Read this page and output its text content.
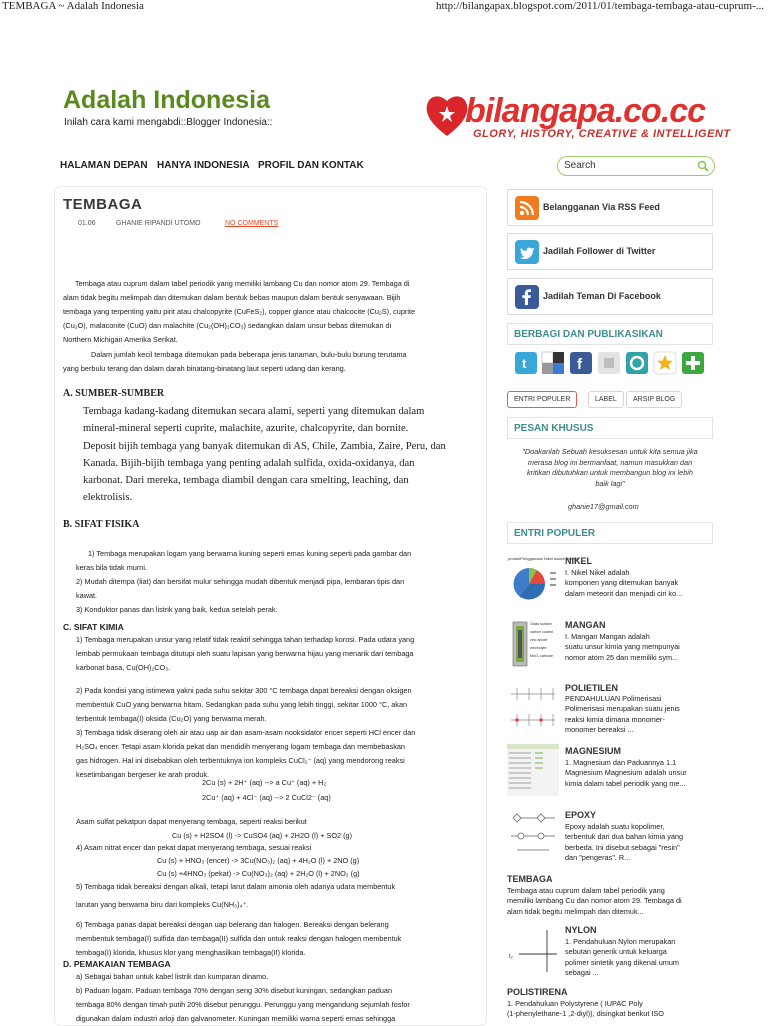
TEMBAGA ~ Adalah Indonesia	http://bilangapax.blogspot.com/2011/01/tembaga-tembaga-atau-cuprum-...
Adalah Indonesia
Inilah cara kami mengabdi::Blogger Indonesia::	bilangapa.co.cc
GLORY, HISTORY, CREATIVE & INTELLIGENT
HALAMAN DEPAN HANYA INDONESIA PROFIL DAN KONTAK	Search
TEMBAGA
01.06	GHANIE RIPANDI UTOMO	NO COMMENTS
Tembaga atau cuprum dalam tabel periodik yang memiliki lambang Cu dan nomor atom 29. Tembaga di
alam tidak begitu melimpah dan ditemukan dalam bentuk bebas maupun dalam bentuk senyawaan. Bijih
tembaga yang terpenting yaitu pirit atau chalcopyrite (CuFeS₂), copper glance atau chalcocite (Cu₂S), cuprite
(Cu₂O), malaconite (CuO) dan malachite (Cu₂(OH)₂CO₃) sedangkan dalam unsur bebas ditemukan di
Northern Michigan Amerika Serikat.
Dalam jumlah kecil tembaga ditemukan pada beberapa jenis tanaman, bulu-bulu burung terutama
yang berbulu terang dan dalam darah binatang-binatang laut seperti udang dan kerang.
A. SUMBER-SUMBER
Tembaga kadang-kadang ditemukan secara alami, seperti yang ditemukan dalam
mineral-mineral seperti cuprite, malachite, azurite, chalcopyrite, dan bornite.
Deposit bijih tembaga yang banyak ditemukan di AS, Chile, Zambia, Zaire, Peru, dan
Kanada. Bijih-bijih tembaga yang penting adalah sulfida, oxida-oxidanya, dan
karbonat. Dari mereka, tembaga diambil dengan cara smelting, leaching, dan
elektrolisis.
B. SIFAT FISIKA
1) Tembaga merupakan logam yang berwarna kuning seperti emas kuning seperti pada gambar dan
keras bila tidak murni.
2) Mudah ditempa (liat) dan bersifat mulur sehingga mudah dibentuk menjadi pipa, lembaran tipis dan
kawat.
3) Konduktor panas dan listrik yang baik, kedua setelah perak.
C. SIFAT KIMIA
1) Tembaga merupakan unsur yang relatif tidak reaktif sehingga tahan terhadap korosi. Pada udara yang
lembab permukaan tembaga ditutupi oleh suatu lapisan yang berwarna hijau yang menarik dari tembaga
karbonat basa, Cu(OH)₂CO₃.
2) Pada kondisi yang istimewa yakni pada suhu sekitar 300 °C tembaga dapat bereaksi dengan oksigen
membentuk CuO yang berwarna hitam. Sedangkan pada suhu yang lebih tinggi, sekitar 1000 °C, akan
terbentuk tembaga(I) oksida (Cu₂O) yang berwarna merah.
3) Tembaga tidak diserang oleh air atau uap air dan asam-asam nooksidator encer seperti HCl encer dan
H₂SO₄ encer. Tetapi asam klorida pekat dan mendidih menyerang logam tembaga dan membebaskan
gas hidrogen. Hal ini disebabkan oleh terbentuknya ion kompleks CuCl₂⁻ (aq) yang mendorong reaksi
kesetimbangan bergeser ke arah produk.
2Cu (s) + 2H⁺ (aq) --> a Cu⁺ (aq) + H₂
2Cu⁺ (aq) + 4Cl⁻ (aq) --> 2 CuCl2⁻ (aq)
Asam sulfat pekatpun dapat menyerang tembaga, seperti reaksi berikut
Cu (s) + H2SO4 (l) -> CuSO4 (aq) + 2H2O (l) + SO2 (g)
4) Asam nitrat encer dan pekat dapat menyerang tembaga, sesuai reaksi
Cu (s) + HNO₃ (encer) -> 3Cu(NO₃)₂ (aq) + 4H₂O (l) + 2NO (g)
Cu (s) +4HNO₃ (pekat) -> Cu(NO₃)₂ (aq) + 2H₂O (l) + 2NO₂ (g)
5) Tembaga tidak bereaksi dengan alkali, tetapi larut dalam amonia oleh adanya udara membentuk
larutan yang berwarna biru dari kompleks Cu(NH₃)₄⁺.
6) Tembaga panas dapat bereaksi dengan uap belerang dan halogen. Bereaksi dengan belerang
membentuk tembaga(I) sulfida dan tembaga(II) sulfida dan untuk reaksi dengan halogen membentuk
tembaga(I) klorida, khusus klor yang menghasilkan tembaga(II) klorida.
D. PEMAKAIAN TEMBAGA
a) Sebagai bahan untuk kabel listrik dan kumparan dinamo.
b) Paduan logam. Paduan tembaga 70% dengan seng 30% disebut kuningan, sedangkan paduan
tembaga 80% dengan timah putih 20% disebut perunggu. Perunggu yang mengandung sejumlah fosfor
digunakan dalam industri arloji dan galvanometer. Kuningan memiliki warna seperti emas sehingga
Belangganan Via RSS Feed
Jadilah Follower di Twitter
Jadilah Teman Di Facebook
BERBAGI DAN PUBLIKASIKAN
t	f
ENTRI POPULER	LABEL	ARSIP BLOG
PESAN KHUSUS
"Doakanlah Sebuah kesuksesan untuk kita semua jika
merasa blog ini bermanfaat, namun masukkan dan
kritikan dibutuhkan untuk membangun blog ini lebih
baik lagi"
ghanie17@gmail.com
ENTRI POPULER
produkPenggunaan Nikel dalam industri
NIKEL
I. Nikel Nikel adalah
komponen yang ditemukan banyak
dalam meteorit dan menjadi ciri ko...
Glass surface
carbon coated
zinc anode
electrolyte
MnO₂ cathode
MANGAN
I. Mangan Mangan adalah
suatu unsur kimia yang mempunyai
nomor atom 25 dan memiliki sym...
POLIETILEN
PENDAHULUAN Polimerisasi
Polimerisasi merupakan suatu jenis
reaksi kimia dimana monomer-
monomer bereaksi ...
MAGNESIUM
1. Magnesium dan Paduannya 1.1
Magnesium Magnesium adalah unsur
kimia dalam tabel periodik yang me...
EPOXY
Epoxy adalah suatu kopolimer,
terbentuk dari dua bahan kimia yang
berbeda. Ini disebut sebagai "resin"
dan "pengeras". R...
TEMBAGA
Tembaga atau cuprum dalam tabel periodik yang
memiliki lambang Cu dan nomor atom 29. Tembaga di
alam tidak begitu melimpah dan ditemuk...
t₂
NYLON
1. Pendahuluan Nylon merupakan
sebutan generik untuk keluarga
polimer sintetik yang dikenal umum
sebagai ...
POLISTIRENA
1. Pendahuluan Polystyrene ( IUPAC Poly
(1-phenylethane-1 ,2-diyl)), disingkat berikut ISO
